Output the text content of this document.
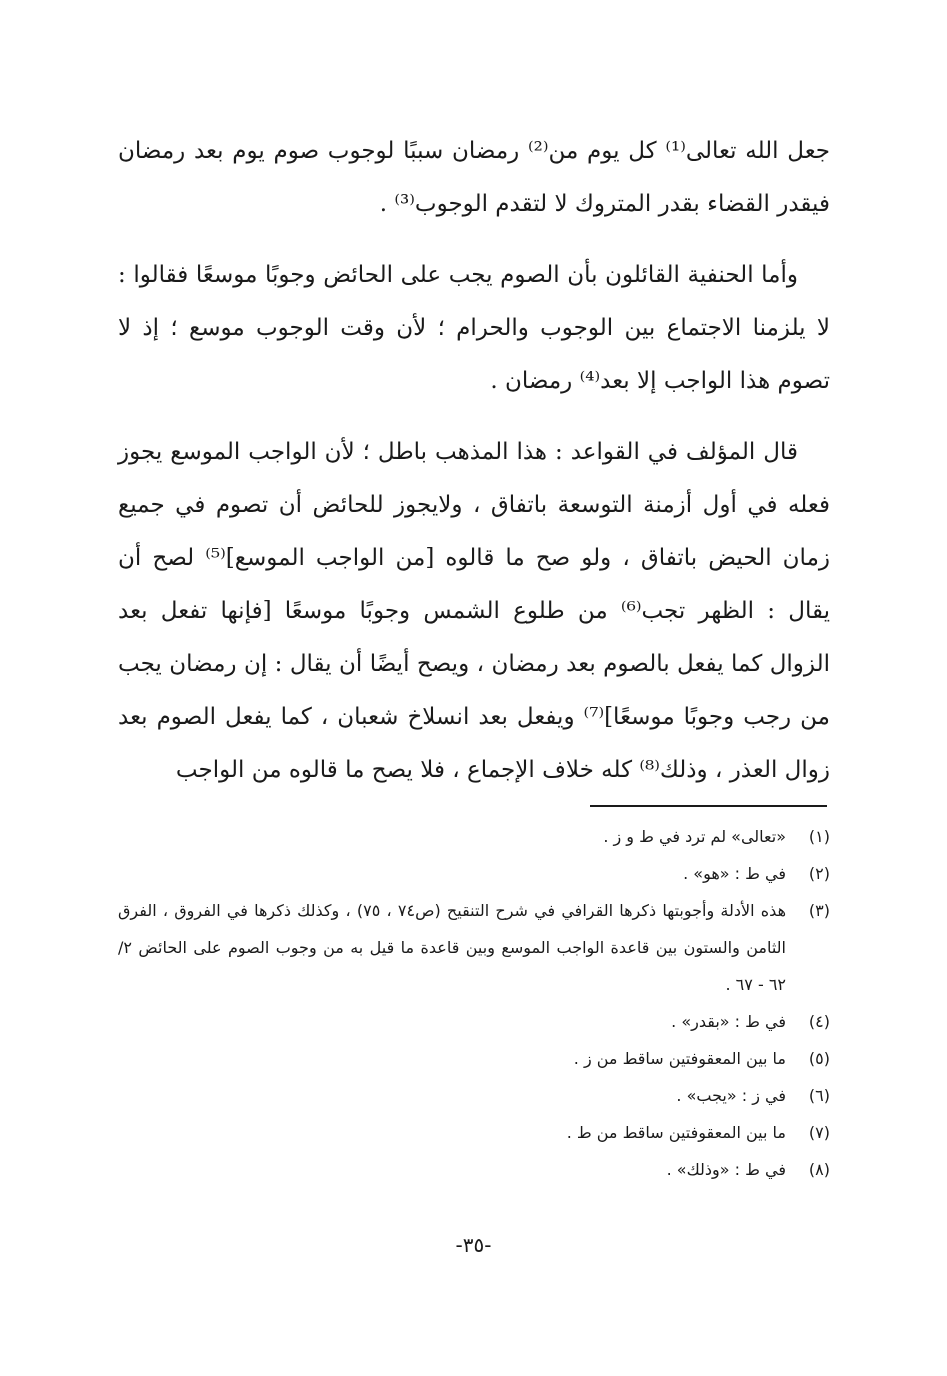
جعل الله تعالى⁽¹⁾ كل يوم من⁽²⁾ رمضان سببًا لوجوب صوم يوم بعد رمضان فيقدر القضاء بقدر المتروك لا لتقدم الوجوب⁽³⁾ .

وأما الحنفية القائلون بأن الصوم يجب على الحائض وجوبًا موسعًا فقالوا : لا يلزمنا الاجتماع بين الوجوب والحرام ؛ لأن وقت الوجوب موسع ؛ إذ لا تصوم هذا الواجب إلا بعد⁽⁴⁾ رمضان .

قال المؤلف في القواعد : هذا المذهب باطل ؛ لأن الواجب الموسع يجوز فعله في أول أزمنة التوسعة باتفاق ، ولايجوز للحائض أن تصوم في جميع زمان الحيض باتفاق ، ولو صح ما قالوه [من الواجب الموسع]⁽⁵⁾ لصح أن يقال : الظهر تجب⁽⁶⁾ من طلوع الشمس وجوبًا موسعًا [فإنها تفعل بعد الزوال كما يفعل بالصوم بعد رمضان ، ويصح أيضًا أن يقال : إن رمضان يجب من رجب وجوبًا موسعًا]⁽⁷⁾ ويفعل بعد انسلاخ شعبان ، كما يفعل الصوم بعد زوال العذر ، وذلك⁽⁸⁾ كله خلاف الإجماع ، فلا يصح ما قالوه من الواجب

(١)
«تعالى» لم ترد في ط و ز .
(٢)
في ط : «هو» .
(٣)
هذه الأدلة وأجوبتها ذكرها القرافي في شرح التنقيح (ص٧٤ ، ٧٥) ، وكذلك ذكرها في الفروق ، الفرق الثامن والستون بين قاعدة الواجب الموسع وبين قاعدة ما قيل به من وجوب الصوم على الحائض ٢/ ٦٢ - ٦٧ .
(٤)
في ط : «بقدر» .
(٥)
ما بين المعقوفتين ساقط من ز .
(٦)
في ز : «يجب» .
(٧)
ما بين المعقوفتين ساقط من ط .
(٨)
في ط : «وذلك» .
-٣٥-
